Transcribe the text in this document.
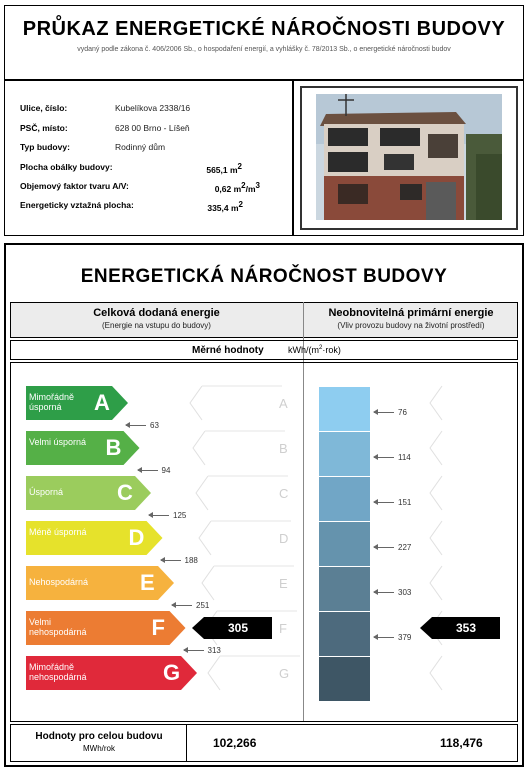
PRŮKAZ ENERGETICKÉ NÁROČNOSTI BUDOVY
vydaný podle zákona č. 406/2006 Sb., o hospodaření energií, a vyhlášky č. 78/2013 Sb., o energetické náročnosti budov
Ulice, číslo:	Kubelíkova 2338/16
PSČ, místo:	628 00 Brno - Líšeň
Typ budovy:	Rodinný dům
Plocha obálky budovy:	565,1 $m^2$
Objemový faktor tvaru A/V:	0,62 $m^2/m^3$
Energeticky vztažná plocha:	335,4 $m^2$
ENERGETICKÁ NÁROČNOST BUDOVY
Celková dodaná energie
(Energie na vstupu do budovy)
Neobnovitelná primární energie
(Vliv provozu budovy na životní prostředí)
Měrné hodnoty	kWh/$(m^2\cdot rok)$
Mimořádně úsporná	A	A
Velmi úsporná B	B
Úsporná	C	C
Méně úsporná D	D
Nehospodárná E	E
Velmi nehospodárná	F	F
Mimořádně nehospodárná	G	G
63
94
125
188
251
313
76
114
151
227
303
379
305	353
Hodnoty pro celou budovu
MWh/rok	102,266	118,476
